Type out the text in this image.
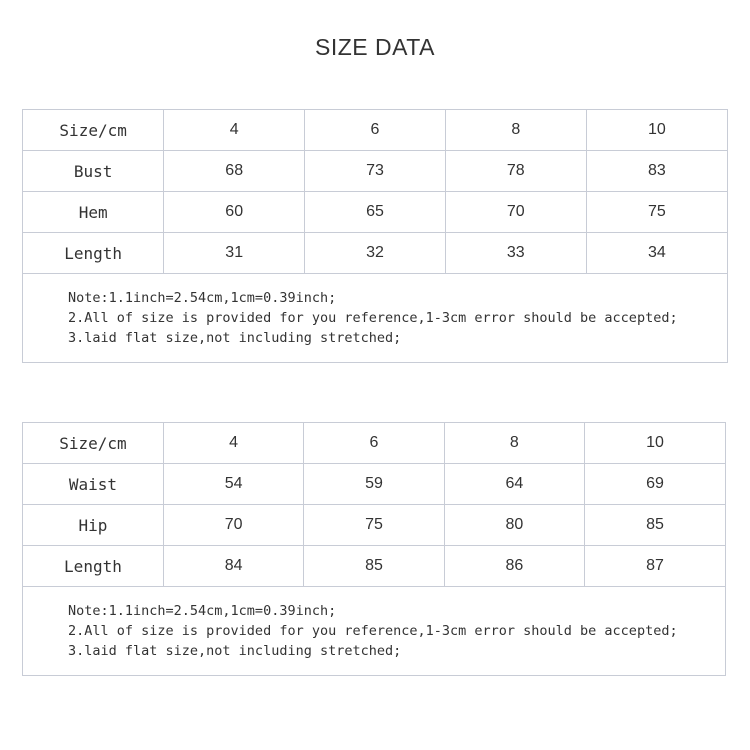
SIZE DATA
Size/cm	4	6	8	10
Bust	68	73	78	83
Hem	60	65	70	75
Length	31	32	33	34
Note:1.1inch=2.54cm,1cm=0.39inch;
2.All of size is provided for you reference,1-3cm error should be accepted;
3.laid flat size,not including stretched;
Size/cm	4	6	8	10
Waist	54	59	64	69
Hip	70	75	80	85
Length	84	85	86	87
Note:1.1inch=2.54cm,1cm=0.39inch;
2.All of size is provided for you reference,1-3cm error should be accepted;
3.laid flat size,not including stretched;
